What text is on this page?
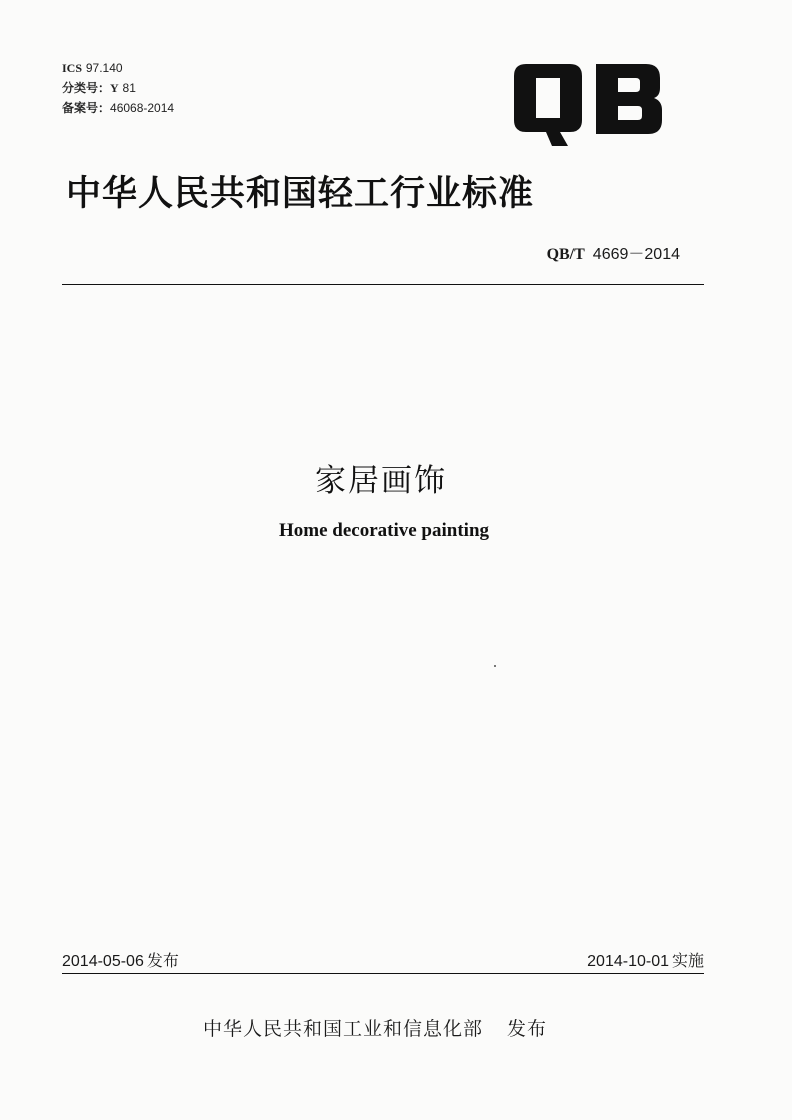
ICS 97.140
分类号：Y 81
备案号：46068-2014
中华人民共和国轻工行业标准
QB/T 4669－2014
家居画饰
Home decorative painting
2014-05-06 发布	2014-10-01 实施
中华人民共和国工业和信息化部 发布
